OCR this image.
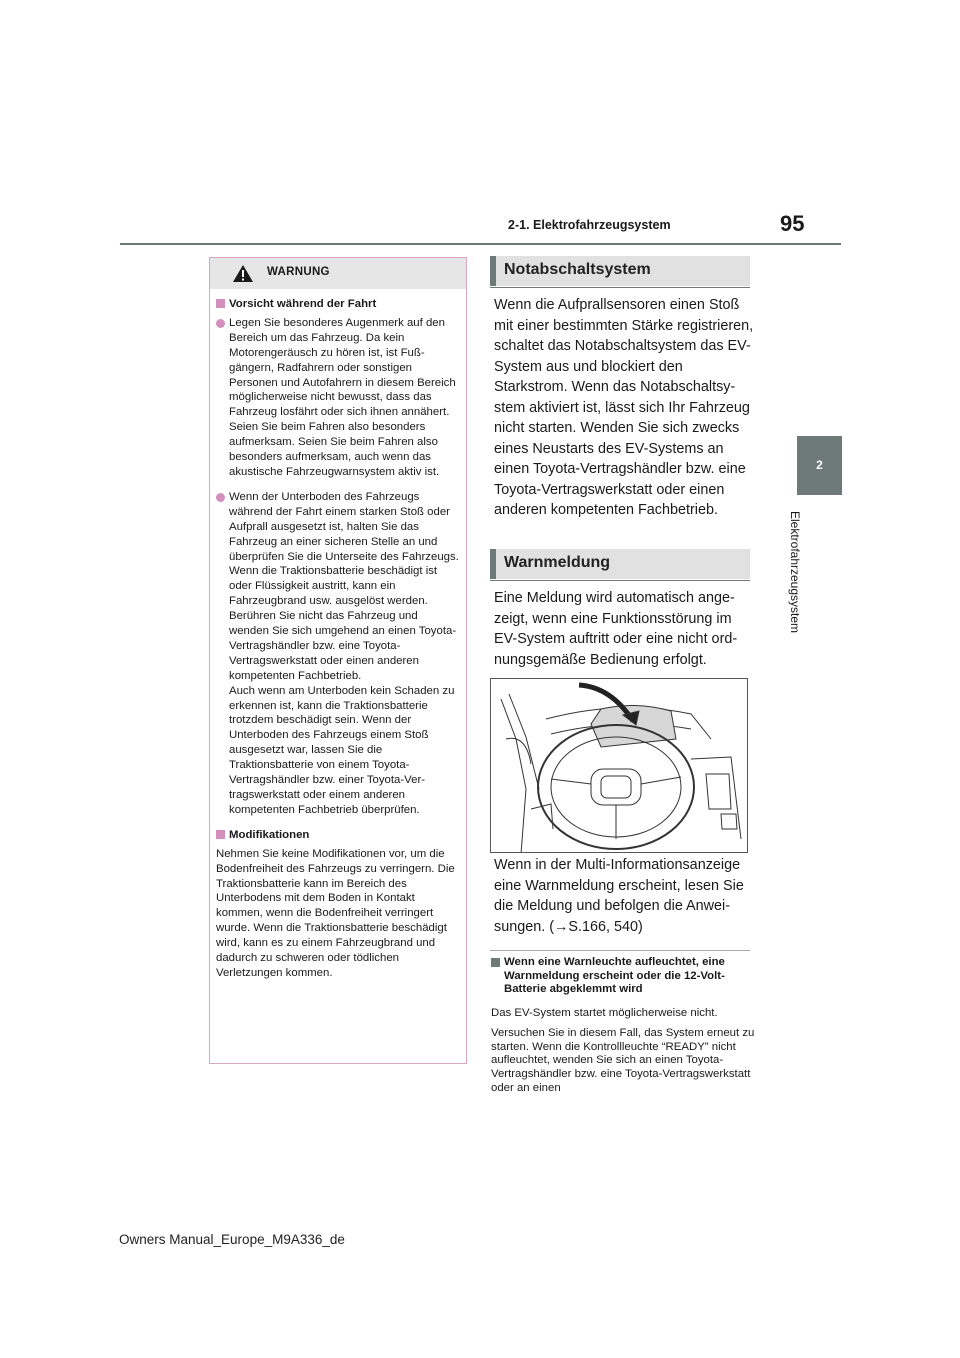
2-1. Elektrofahrzeugsystem	95
2
Elektrofahrzeugsystem
WARNUNG
Vorsicht während der Fahrt
Legen Sie besonderes Augenmerk auf den Bereich um das Fahrzeug. Da kein Motorengeräusch zu hören ist, ist Fußgängern, Radfahrern oder sonstigen Personen und Autofahrern in diesem Bereich möglicherweise nicht bewusst, dass das Fahrzeug losfährt oder sich ihnen annähert. Seien Sie beim Fahren also besonders aufmerksam. Seien Sie beim Fahren also besonders aufmerksam, auch wenn das akustische Fahrzeugwarnsystem aktiv ist.
Wenn der Unterboden des Fahrzeugs während der Fahrt einem starken Stoß oder Aufprall ausgesetzt ist, halten Sie das Fahrzeug an einer sicheren Stelle an und überprüfen Sie die Unterseite des Fahrzeugs. Wenn die Traktionsbatterie beschädigt ist oder Flüssigkeit austritt, kann ein Fahrzeugbrand usw. ausgelöst werden. Berühren Sie nicht das Fahrzeug und wenden Sie sich umgehend an einen Toyota-Vertragshändler bzw. eine Toyota-Vertragswerkstatt oder einen anderen kompetenten Fachbetrieb.
Auch wenn am Unterboden kein Schaden zu erkennen ist, kann die Traktionsbatterie trotzdem beschädigt sein. Wenn der Unterboden des Fahrzeugs einem Stoß ausgesetzt war, lassen Sie die Traktionsbatterie von einem Toyota-Vertragshändler bzw. einer Toyota-Vertragswerkstatt oder einem anderen kompetenten Fachbetrieb überprüfen.
Modifikationen

Nehmen Sie keine Modifikationen vor, um die Bodenfreiheit des Fahrzeugs zu verringern. Die Traktionsbatterie kann im Bereich des Unterbodens mit dem Boden in Kontakt kommen, wenn die Bodenfreiheit verringert wurde. Wenn die Traktionsbatterie beschädigt wird, kann es zu einem Fahrzeugbrand und dadurch zu schweren oder tödlichen Verletzungen kommen.

Notabschaltsystem
Wenn die Aufprallsensoren einen Stoß mit einer bestimmten Stärke registrieren, schaltet das Notabschaltsystem das EV-System aus und blockiert den Starkstrom. Wenn das Notabschaltsystem aktiviert ist, lässt sich Ihr Fahrzeug nicht starten. Wenden Sie sich zwecks eines Neustarts des EV-Systems an einen Toyota-Vertragshändler bzw. eine Toyota-Vertragswerkstatt oder einen anderen kompetenten Fachbetrieb.
Warnmeldung
Eine Meldung wird automatisch angezeigt, wenn eine Funktionsstörung im EV-System auftritt oder eine nicht ordnungsgemäße Bedienung erfolgt.
Wenn in der Multi-Informationsanzeige eine Warnmeldung erscheint, lesen Sie die Meldung und befolgen die Anweisungen. (→S.166, 540)
Wenn eine Warnleuchte aufleuchtet, eine Warnmeldung erscheint oder die 12-Volt-Batterie abgeklemmt wird
Das EV-System startet möglicherweise nicht.
Versuchen Sie in diesem Fall, das System erneut zu starten. Wenn die Kontrollleuchte “READY” nicht aufleuchtet, wenden Sie sich an einen Toyota-Vertragshändler bzw. eine Toyota-Vertragswerkstatt oder an einen
Owners Manual_Europe_M9A336_de
